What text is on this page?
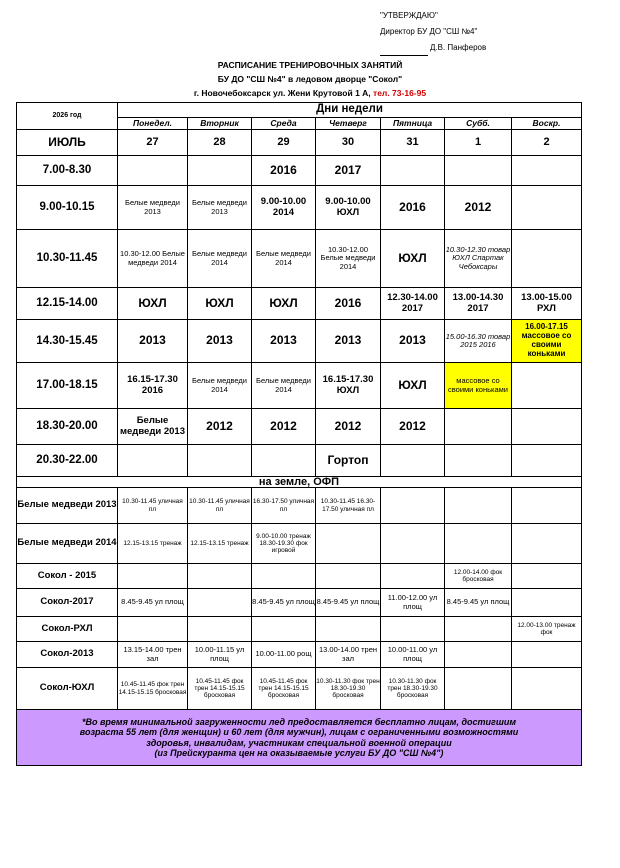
"УТВЕРЖДАЮ"
Директор БУ ДО "СШ №4"
Д.В. Панферов
РАСПИСАНИЕ ТРЕНИРОВОЧНЫХ ЗАНЯТИЙ
БУ ДО "СШ №4" в ледовом дворце "Сокол"
г. Новочебоксарск ул. Жени Крутовой 1 А, тел. 73-16-95
2026 год	Дни недели						
	Понедел.	Вторник	Среда	Четверг	Пятница	Субб.	Воскр.
ИЮЛЬ	27	28	29	30	31	1	2
7.00-8.30			2016	2017			
9.00-10.15	Белые медведи 2013	Белые медведи 2013	9.00-10.00 2014	9.00-10.00 ЮХЛ	2016	2012	
10.30-11.45	10.30-12.00 Белые медведи 2014	Белые медведи 2014	Белые медведи 2014	10.30-12.00 Белые медведи 2014	ЮХЛ	10.30-12.30 товар ЮХЛ Спартак Чебоксары	
12.15-14.00	ЮХЛ	ЮХЛ	ЮХЛ	2016	12.30-14.00 2017	13.00-14.30 2017	13.00-15.00 РХЛ
14.30-15.45	2013	2013	2013	2013	2013	15.00-16.30 товар 2015 2016	16.00-17.15 массовое со своими коньками
17.00-18.15	16.15-17.30 2016	Белые медведи 2014	Белые медведи 2014	16.15-17.30 ЮХЛ	ЮХЛ	массовое со своими коньками	
18.30-20.00	Белые медведи 2013	2012	2012	2012	2012		
20.30-22.00				Гортоп			
на земле, ОФП							
Белые медведи 2013	10.30-11.45 уличная пл	10.30-11.45 уличная пл	16.30-17.50 уличная пл	10.30-11.45 16.30-17.50 уличная пл			
Белые медведи 2014	12.15-13.15 тренаж	12.15-13.15 тренаж	9.00-10.00 тренаж 18.30-19.30 фок игровой				
Сокол - 2015						12.00-14.00 фок бросковая	
Сокол-2017	8.45-9.45 ул площ		8.45-9.45 ул площ	8.45-9.45 ул площ	11.00-12.00 ул площ	8.45-9.45 ул площ	
Сокол-РХЛ							12.00-13.00 тренаж фок
Сокол-2013	13.15-14.00 трен зал	10.00-11.15 ул площ	10.00-11.00 рощ	13.00-14.00 трен зал	10.00-11.00 ул площ		
Сокол-ЮХЛ	10.45-11.45 фок трен 14.15-15.15 бросковая	10.45-11.45 фок трен 14.15-15.15 бросковая	10.45-11.45 фок трен 14.15-15.15 бросковая	10.30-11.30 фок трен 18.30-19.30 бросковая	10.30-11.30 фок трен 18.30-19.30 бросковая		

*Во время минимальной загруженности лед предоставляется бесплатно лицам, достигшим
возраста 55 лет (для женщин) и 60 лет (для мужчин), лицам с ограниченными возможностями
здоровья, инвалидам, участникам специальной военной операции
(из Прейскуранта цен на оказываемые услуги БУ ДО "СШ №4")							
